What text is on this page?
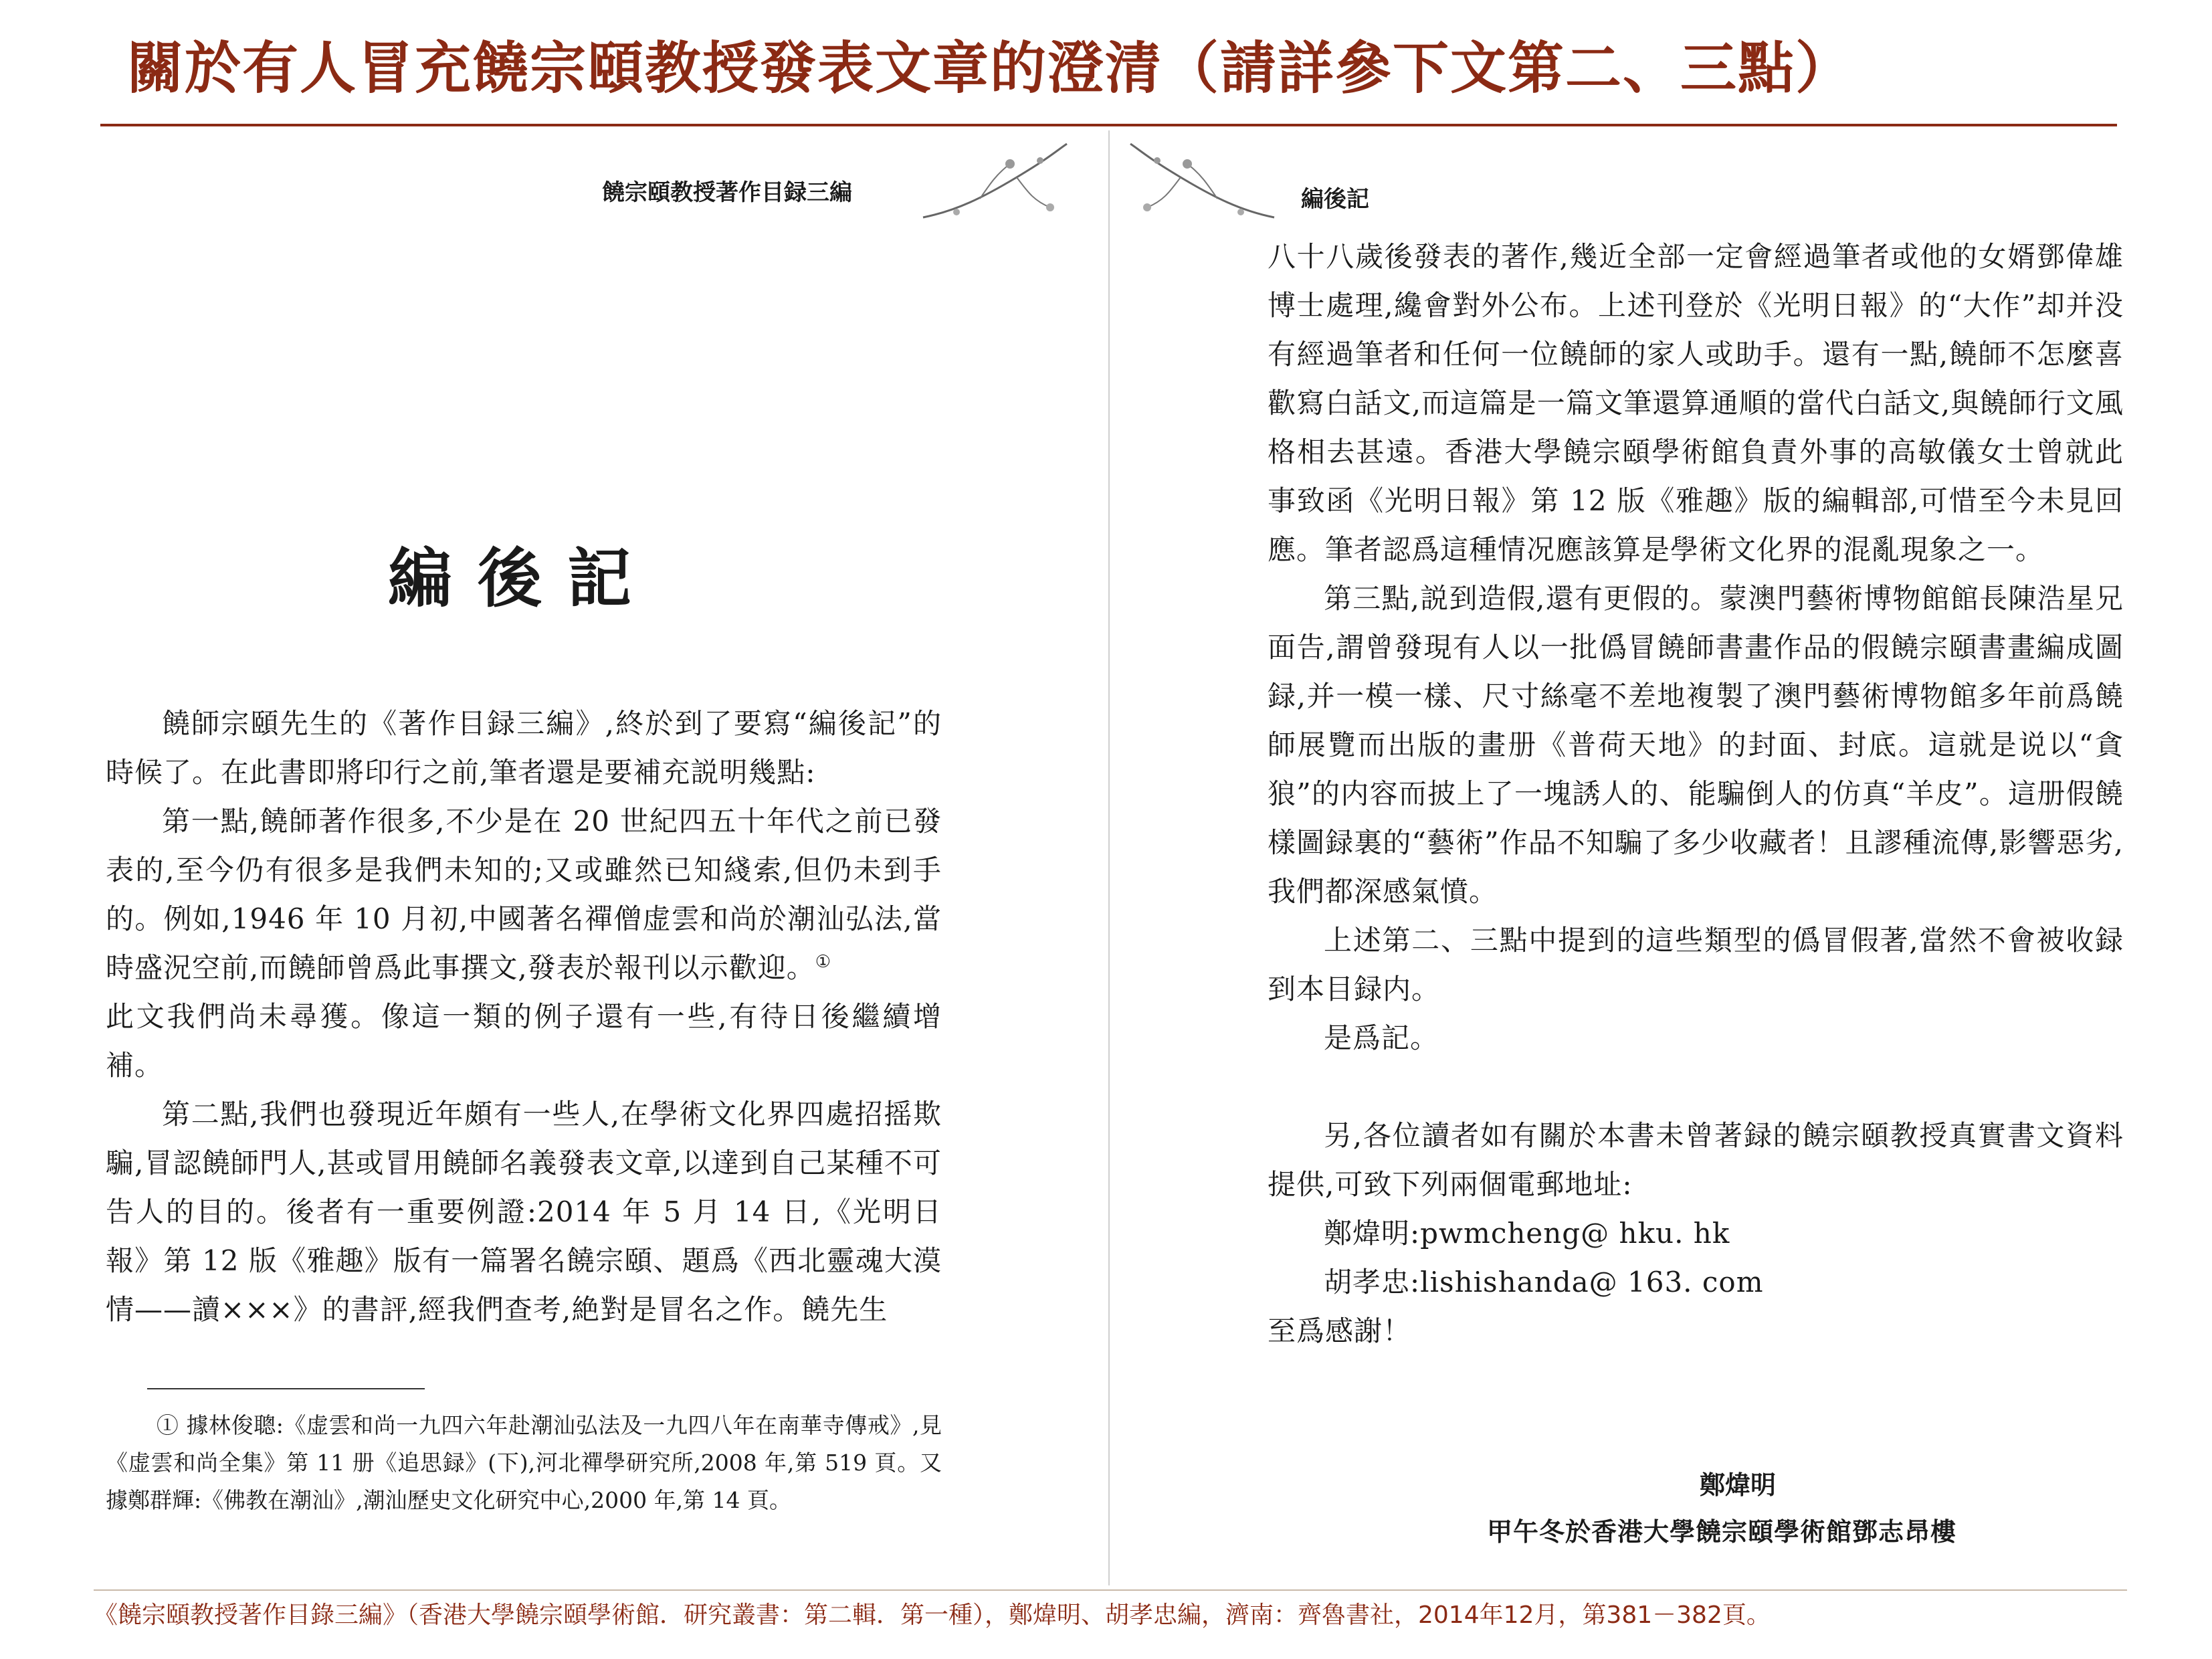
關於有人冒充饒宗頤教授發表文章的澄清（請詳參下文第二、三點）
饒宗頤教授著作目録三編
編後記

饒師宗頤先生的《著作目録三編》,終於到了要寫“編後記”的時候了。在此書即將印行之前,筆者還是要補充説明幾點:

第一點,饒師著作很多,不少是在 20 世紀四五十年代之前已發表的,至今仍有很多是我們未知的;又或雖然已知綫索,但仍未到手的。例如,1946 年 10 月初,中國著名禪僧虚雲和尚於潮汕弘法,當時盛況空前,而饒師曾爲此事撰文,發表於報刊以示歡迎。①

此文我們尚未尋獲。像這一類的例子還有一些,有待日後繼續增補。

第二點,我們也發現近年頗有一些人,在學術文化界四處招摇欺騙,冒認饒師門人,甚或冒用饒師名義發表文章,以達到自己某種不可告人的目的。後者有一重要例證:2014 年 5 月 14 日,《光明日報》第 12 版《雅趣》版有一篇署名饒宗頤、題爲《西北靈魂大漠情——讀×××》的書評,經我們查考,絶對是冒名之作。饒先生

① 據林俊聰:《虚雲和尚一九四六年赴潮汕弘法及一九四八年在南華寺傳戒》,見《虚雲和尚全集》第 11 册《追思録》(下),河北禪學研究所,2008 年,第 519 頁。又據鄭群輝:《佛教在潮汕》,潮汕歷史文化研究中心,2000 年,第 14 頁。
編後記

八十八歲後發表的著作,幾近全部一定會經過筆者或他的女婿鄧偉雄博士處理,纔會對外公布。上述刊登於《光明日報》的“大作”却并没有經過筆者和任何一位饒師的家人或助手。還有一點,饒師不怎麼喜歡寫白話文,而這篇是一篇文筆還算通順的當代白話文,與饒師行文風格相去甚遠。香港大學饒宗頤學術館負責外事的高敏儀女士曾就此事致函《光明日報》第 12 版《雅趣》版的編輯部,可惜至今未見回應。筆者認爲這種情况應該算是學術文化界的混亂現象之一。

第三點,説到造假,還有更假的。蒙澳門藝術博物館館長陳浩星兄面告,謂曾發現有人以一批僞冒饒師書畫作品的假饒宗頤書畫編成圖録,并一模一樣、尺寸絲毫不差地複製了澳門藝術博物館多年前爲饒師展覽而出版的畫册《普荷天地》的封面、封底。這就是说以“貪狼”的内容而披上了一塊誘人的、能騙倒人的仿真“羊皮”。這册假饒樣圖録裏的“藝術”作品不知騙了多少收藏者！且謬種流傳,影響惡劣,我們都深感氣憤。

上述第二、三點中提到的這些類型的僞冒假著,當然不會被收録到本目録内。

是爲記。

另,各位讀者如有關於本書未曾著録的饒宗頤教授真實書文資料提供,可致下列兩個電郵地址:

鄭煒明:pwmcheng@ hku. hk

胡孝忠:lishishanda@ 163. com

至爲感謝！

鄭煒明
甲午冬於香港大學饒宗頤學術館鄧志昂樓
《饒宗頤教授著作目錄三編》（香港大學饒宗頤學術館．研究叢書：第二輯．第一種），鄭煒明、胡孝忠編，濟南：齊魯書社，2014年12月，第381－382頁。
